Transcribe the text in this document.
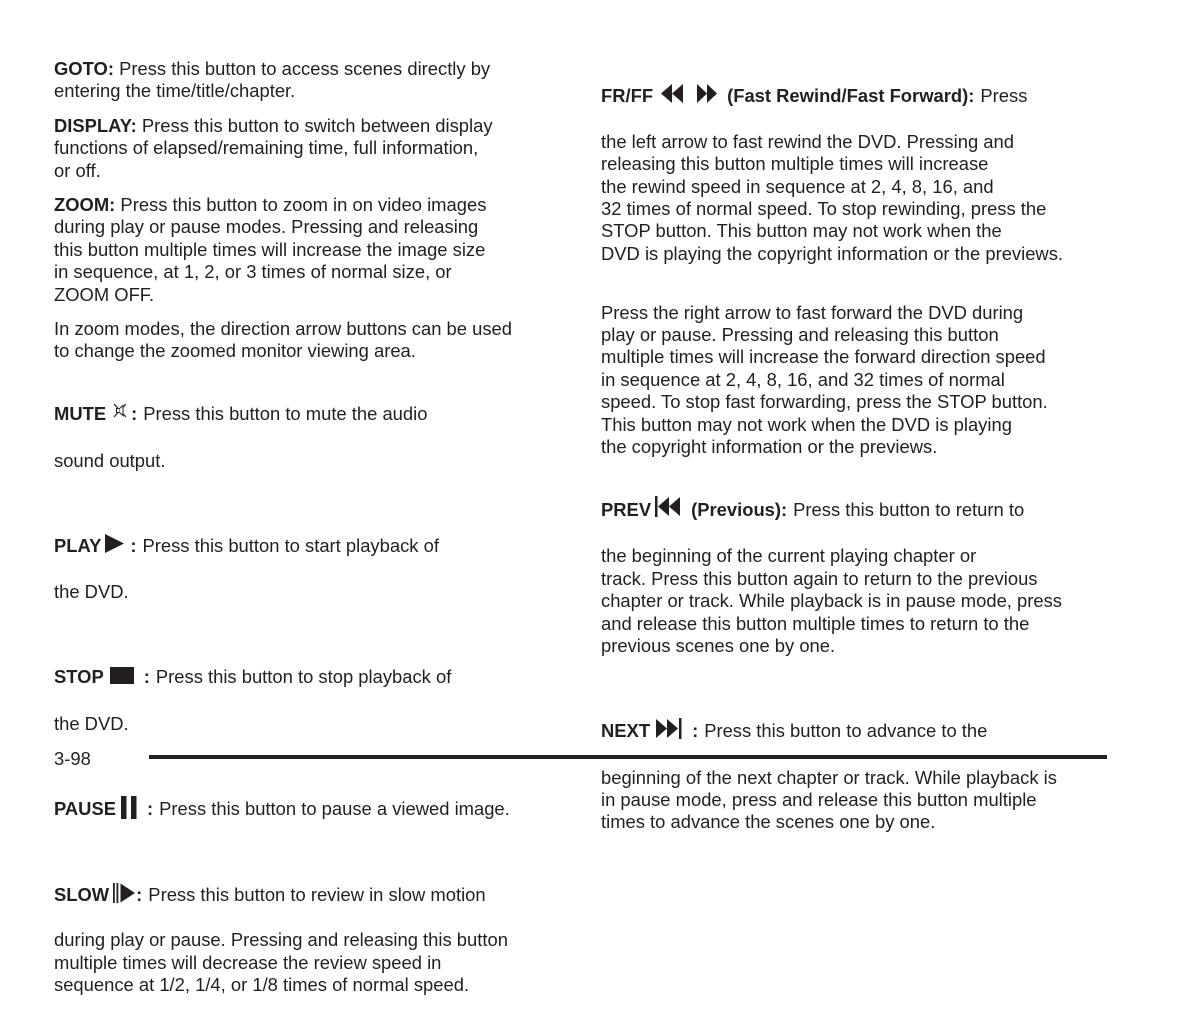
GOTO: Press this button to access scenes directly by
entering the time/title/chapter.

DISPLAY: Press this button to switch between display
functions of elapsed/remaining time, full information,
or off.

ZOOM: Press this button to zoom in on video images
during play or pause modes. Pressing and releasing
this button multiple times will increase the image size
in sequence, at 1, 2, or 3 times of normal size, or
ZOOM OFF.

In zoom modes, the direction arrow buttons can be used
to change the zoomed monitor viewing area.

MUTE : Press this button to mute the audio

sound output.

PLAY : Press this button to start playback of

the DVD.

STOP : Press this button to stop playback of

the DVD.

PAUSE : Press this button to pause a viewed image.

SLOW : Press this button to review in slow motion

during play or pause. Pressing and releasing this button
multiple times will decrease the review speed in
sequence at 1/2, 1/4, or 1/8 times of normal speed.

FR/FF	(Fast Rewind/Fast Forward): Press

the left arrow to fast rewind the DVD. Pressing and
releasing this button multiple times will increase
the rewind speed in sequence at 2, 4, 8, 16, and
32 times of normal speed. To stop rewinding, press the
STOP button. This button may not work when the
DVD is playing the copyright information or the previews.

Press the right arrow to fast forward the DVD during
play or pause. Pressing and releasing this button
multiple times will increase the forward direction speed
in sequence at 2, 4, 8, 16, and 32 times of normal
speed. To stop fast forwarding, press the STOP button.
This button may not work when the DVD is playing
the copyright information or the previews.

PREV (Previous): Press this button to return to

the beginning of the current playing chapter or
track. Press this button again to return to the previous
chapter or track. While playback is in pause mode, press
and release this button multiple times to return to the
previous scenes one by one.

NEXT : Press this button to advance to the

beginning of the next chapter or track. While playback is
in pause mode, press and release this button multiple
times to advance the scenes one by one.

3-98
